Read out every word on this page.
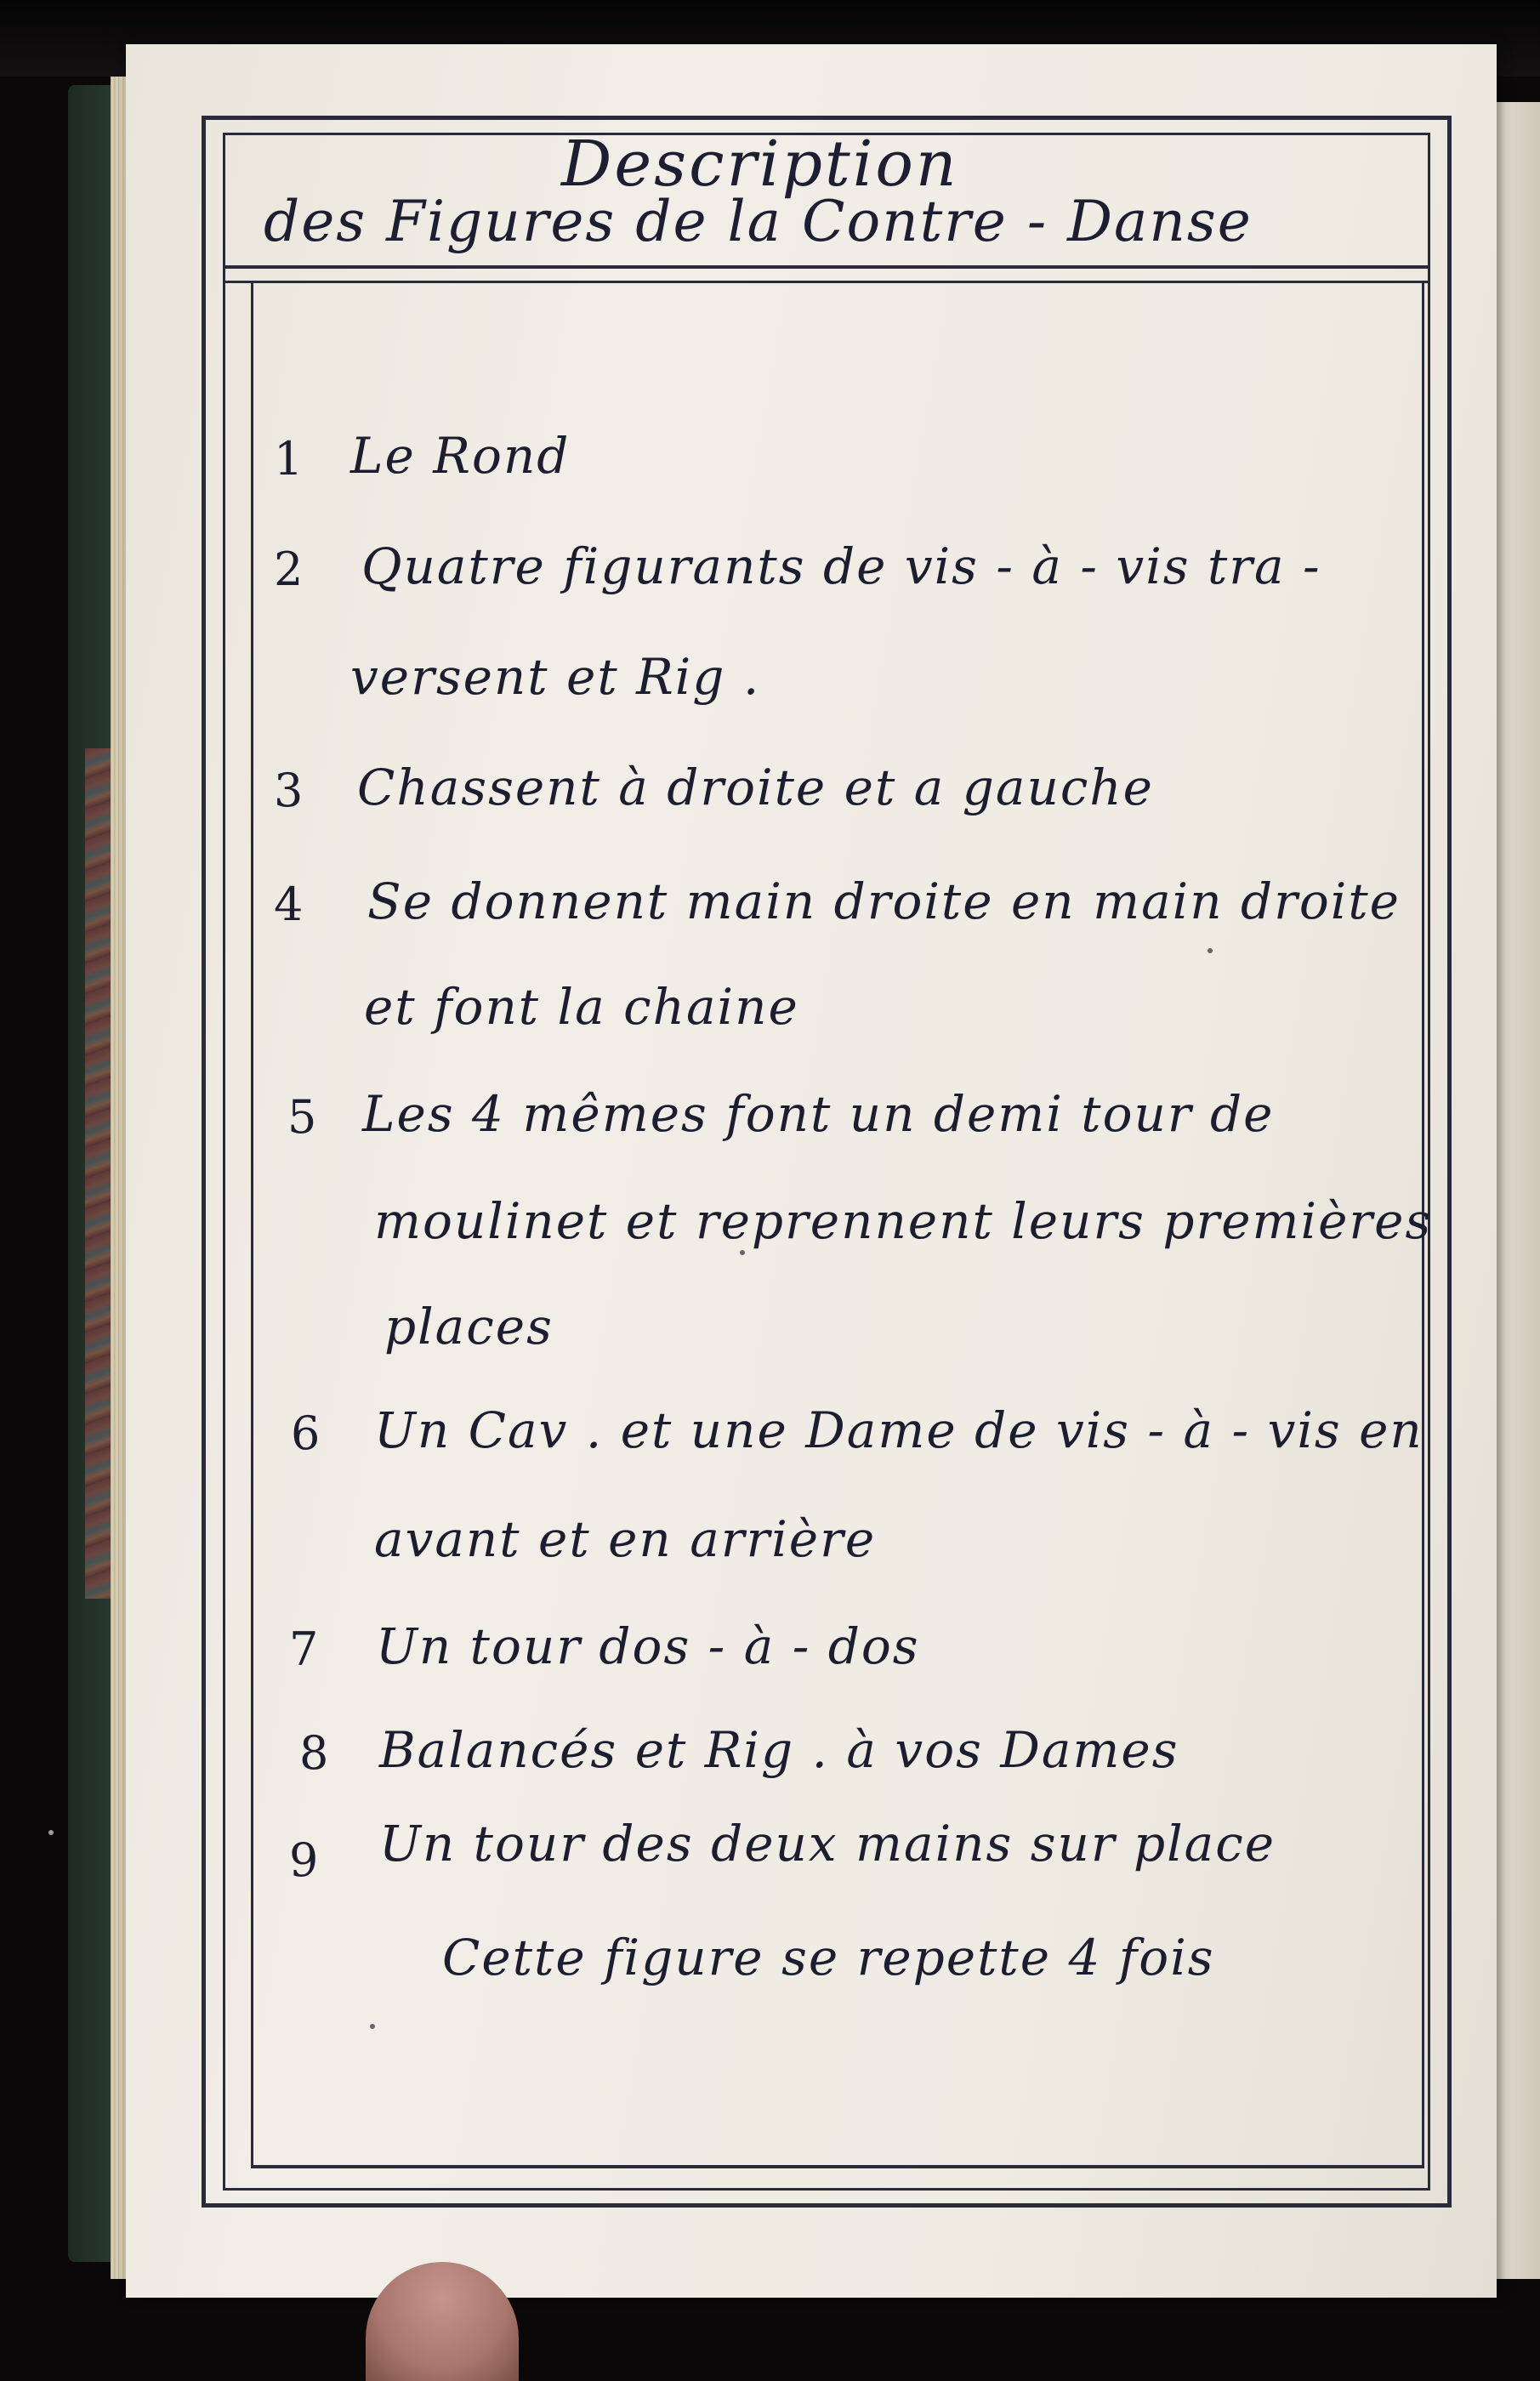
Description
des Figures de la Contre - Danse
1 Le Rond
2 Quatre figurants de vis - à - vis tra -
versent et Rig .
3 Chassent à droite et a gauche
4 Se donnent main droite en main droite
et font la chaine
5 Les 4 mêmes font un demi tour de
moulinet et reprennent leurs premières
places
6 Un Cav . et une Dame de vis - à - vis en
avant et en arrière
7 Un tour dos - à - dos
8 Balancés et Rig . à vos Dames
9 Un tour des deux mains sur place
Cette figure se repette 4 fois
